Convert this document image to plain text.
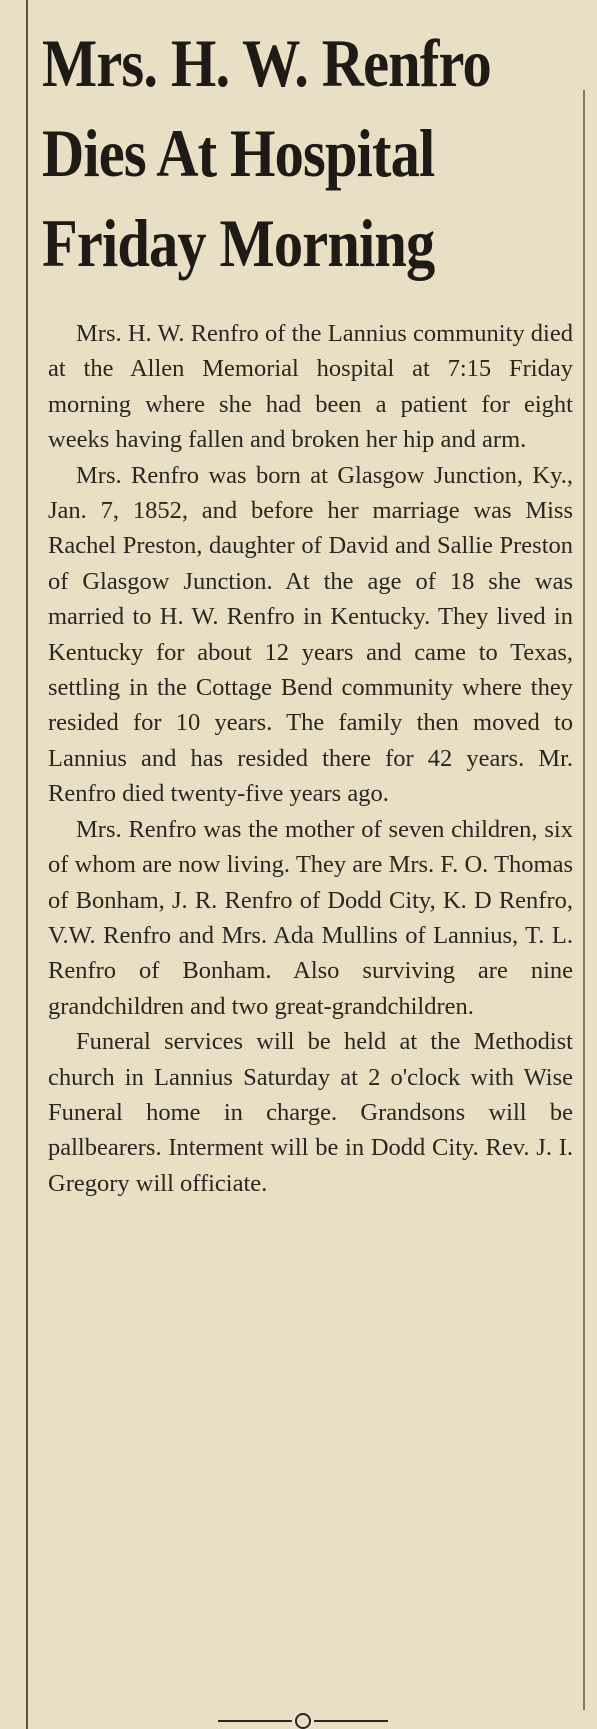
Mrs. H. W. Renfro
Dies At Hospital
Friday Morning

Mrs. H. W. Renfro of the Lannius community died at the Allen Memorial hospital at 7:15 Friday morning where she had been a patient for eight weeks having fallen and broken her hip and arm.

Mrs. Renfro was born at Glasgow Junction, Ky., Jan. 7, 1852, and before her marriage was Miss Rachel Preston, daughter of David and Sallie Preston of Glasgow Junction. At the age of 18 she was married to H. W. Renfro in Kentucky. They lived in Kentucky for about 12 years and came to Texas, settling in the Cottage Bend community where they resided for 10 years. The family then moved to Lannius and has resided there for 42 years. Mr. Renfro died twenty-five years ago.

Mrs. Renfro was the mother of seven children, six of whom are now living. They are Mrs. F. O. Thomas of Bonham, J. R. Renfro of Dodd City, K. D Renfro, V.W. Renfro and Mrs. Ada Mullins of Lannius, T. L. Renfro of Bonham. Also surviving are nine grandchildren and two great-grandchildren.

Funeral services will be held at the Methodist church in Lannius Saturday at 2 o'clock with Wise Funeral home in charge. Grandsons will be pallbearers. Interment will be in Dodd City. Rev. J. I. Gregory will officiate.
